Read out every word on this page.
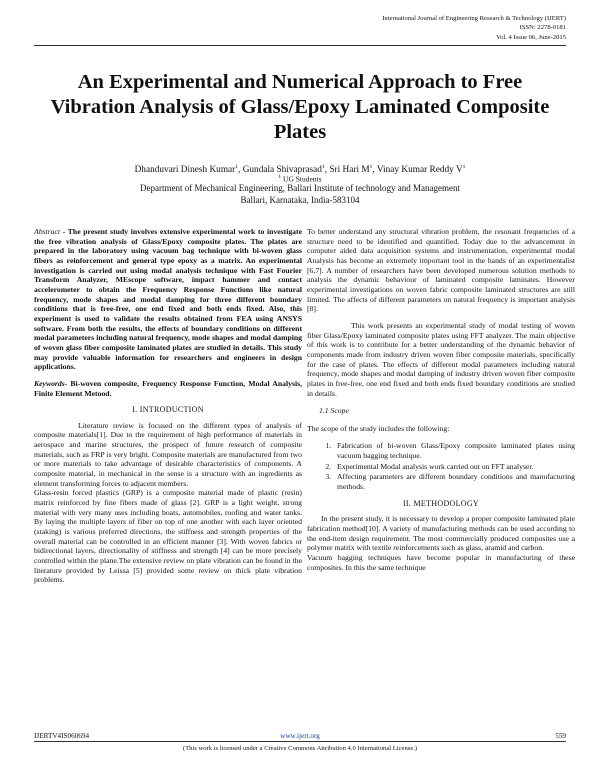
International Journal of Engineering Research & Technology (IJERT)
ISSN: 2278-0181
Vol. 4 Issue 06, June-2015
An Experimental and Numerical Approach to Free Vibration Analysis of Glass/Epoxy Laminated Composite Plates
Dhanduvari Dinesh Kumar$^1$, Gundala Shivaprasad$^1$, Sri Hari $M^1$, Vinay Kumar Reddy $V^1$
$^1$ UG Students
Department of Mechanical Engineering, Ballari Institute of technology and Management
Ballari, Karnataka, India-583104

Abstract - The present study involves extensive experimental work to investigate the free vibration analysis of Glass/Epoxy composite plates. The plates are prepared in the laboratory using vacuum bag technique with bi-woven glass fibers as reinforcement and general type epoxy as a matrix. An experimental investigation is carried out using modal analysis technique with Fast Fourier Transform Analyzer, MEscope software, impact hammer and contact accelerometer to obtain the Frequency Response Functions like natural frequency, mode shapes and modal damping for three different boundary conditions that is free-free, one end fixed and both ends fixed. Also, this experiment is used to validate the results obtained from FEA using ANSYS software. From both the results, the effects of boundary conditions on different modal parameters including natural frequency, mode shapes and modal damping of woven glass fiber composite laminated plates are studied in details. This study may provide valuable information for researchers and engineers in design applications.

Keywords- Bi-woven composite, Frequency Response Function, Modal Analysis, Finite Element Metood.

I. INTRODUCTION

Literature review is focused on the different types of analysis of composite materials[1]. Due to the requirement of high performance of materials in aerospace and marine structures, the prospect of future research of composite materials, such as FRP is very bright. Composite materials are manufactured from two or more materials to take advantage of desirable characteristics of components. A composite material, in mechanical in the sense is a structure with an ingredients as element transforming forces to adjacent members.

Glass-resin forced plastics (GRP) is a composite material made of plastic (resin) matrix reinforced by fine fibers made of glass [2]. GRP is a light weight, strong material with very many uses including boats, automobiles, roofing and water tanks. By laying the multiple layers of fiber on top of one another with each layer oriented (staking) is various preferred directions, the stiffness and strength properties of the overall material can be controlled in an efficient manner [3]. With woven fabrics or bidirectional layers, directionality of stiffness and strength [4] can be more precisely controlled within the plane.The extensive review on plate vibration can be found in the literature provided by Leissa [5] provided some review on thick plate vibration problems.

To better understand any structural vibration problem, the resonant frequencies of a structure need to be identified and quantified. Today due to the advancement in computer aided data acquisition systems and instrumentation, experimental modal Analysis has become an extremely important tool in the hands of an experimentalist [6,7]. A number of researchers have been developed numerous solution methods to analysis the dynamic behaviour of laminated composite laminates. However experimental investigations on woven fabric composite laminated structures are still limited. The affects of different parameters on natural frequency is important analysis [8].

This work presents an experimental study of modal testing of woven fiber Glass/Epoxy laminated composite plates using FFT analyzer. The main objective of this work is to contribute for a better understanding of the dynamic behavior of components made from industry driven woven fiber composite materials, specifically for the case of plates. The effects of different modal parameters including natural frequency, mode shapes and modal damping of industry driven woven fiber composite plates in free-free, one end fixed and both ends fixed boundary conditions are studied in details.

1.1 Scope

The scope of the study includes the following:

1. Fabrication of bi-woven Glass/Epoxy composite laminated plates using vacuum bagging technique.
2. Experimental Modal analysis work carried out on FFT analyser.
3. Affecting parameters are different boundary conditions and manufacturing methods.
II. METHODOLOGY

In the present study, it is necessary to develop a proper composite laminated plate fabrication method[10]. A variety of manufacturing methods can be used according to the end-item design requirement. The most commercially produced composites use a polymer matrix with textile reinforcements such as glass, aramid and carbon.

Vacuum bagging techniques have become popular in manufacturing of these composites. In this the same technique

IJERTV4IS060694	www.ijert.org	559
(This work is licensed under a Creative Commons Attribution 4.0 International License.)
